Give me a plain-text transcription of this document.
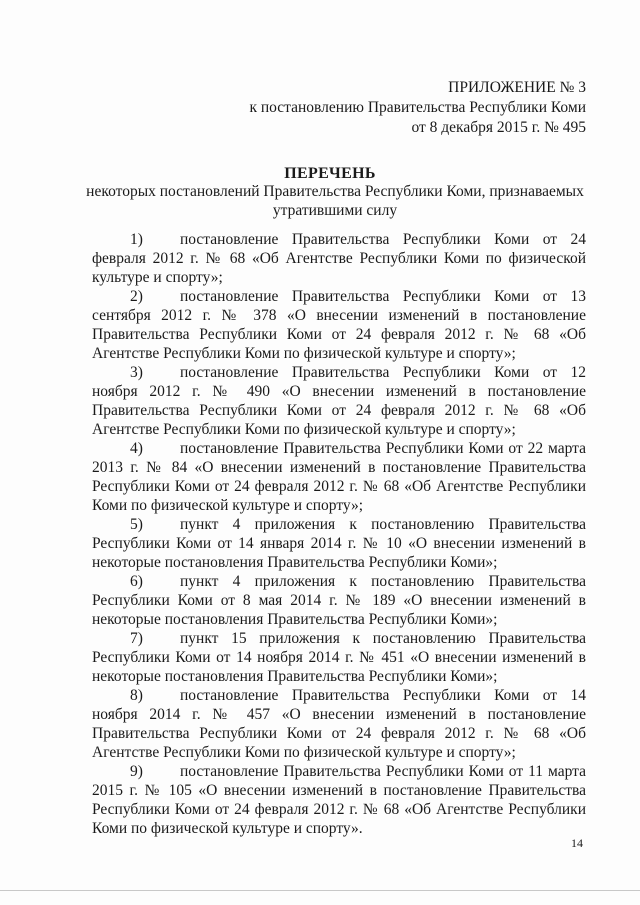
ПРИЛОЖЕНИЕ № 3
к постановлению Правительства Республики Коми
от 8 декабря 2015 г. № 495
ПЕРЕЧЕНЬ
некоторых постановлений Правительства Республики Коми, признаваемых
утратившими силу

1) постановление Правительства Республики Коми от 24 февраля 2012 г. № 68 «Об Агентстве Республики Коми по физической культуре и спорту»;

2) постановление Правительства Республики Коми от 13 сентября 2012 г. № 378 «О внесении изменений в постановление Правительства Республики Коми от 24 февраля 2012 г. № 68 «Об Агентстве Республики Коми по физической культуре и спорту»;

3) постановление Правительства Республики Коми от 12 ноября 2012 г. № 490 «О внесении изменений в постановление Правительства Республики Коми от 24 февраля 2012 г. № 68 «Об Агентстве Республики Коми по физической культуре и спорту»;

4) постановление Правительства Республики Коми от 22 марта 2013 г. № 84 «О внесении изменений в постановление Правительства Республики Коми от 24 февраля 2012 г. № 68 «Об Агентстве Республики Коми по физической культуре и спорту»;

5) пункт 4 приложения к постановлению Правительства Республики Коми от 14 января 2014 г. № 10 «О внесении изменений в некоторые постановления Правительства Республики Коми»;

6) пункт 4 приложения к постановлению Правительства Республики Коми от 8 мая 2014 г. № 189 «О внесении изменений в некоторые постановления Правительства Республики Коми»;

7) пункт 15 приложения к постановлению Правительства Республики Коми от 14 ноября 2014 г. № 451 «О внесении изменений в некоторые постановления Правительства Республики Коми»;

8) постановление Правительства Республики Коми от 14 ноября 2014 г. № 457 «О внесении изменений в постановление Правительства Республики Коми от 24 февраля 2012 г. № 68 «Об Агентстве Республики Коми по физической культуре и спорту»;

9) постановление Правительства Республики Коми от 11 марта 2015 г. № 105 «О внесении изменений в постановление Правительства Республики Коми от 24 февраля 2012 г. № 68 «Об Агентстве Республики Коми по физической культуре и спорту».

14
